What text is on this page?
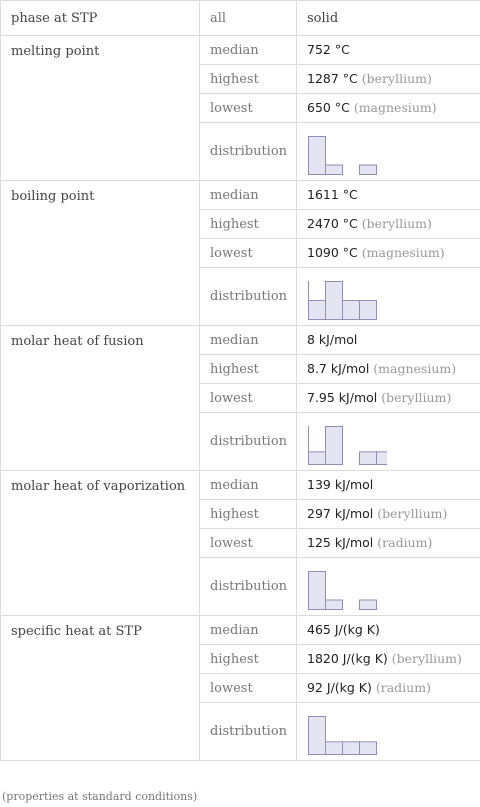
phase at STP	all	solid
melting point	median	752 °C
	highest	1287 °C (beryllium)
	lowest	650 °C (magnesium)
	distribution	

boiling point	median	1611 °C
	highest	2470 °C (beryllium)
	lowest	1090 °C (magnesium)
	distribution	

molar heat of fusion	median	8 kJ/mol
	highest	8.7 kJ/mol (magnesium)
	lowest	7.95 kJ/mol (beryllium)
	distribution	

molar heat of vaporization	median	139 kJ/mol
	highest	297 kJ/mol (beryllium)
	lowest	125 kJ/mol (radium)
	distribution	

specific heat at STP	median	465 J/(kg K)
	highest	1820 J/(kg K) (beryllium)
	lowest	92 J/(kg K) (radium)
	distribution	
(properties at standard conditions)
